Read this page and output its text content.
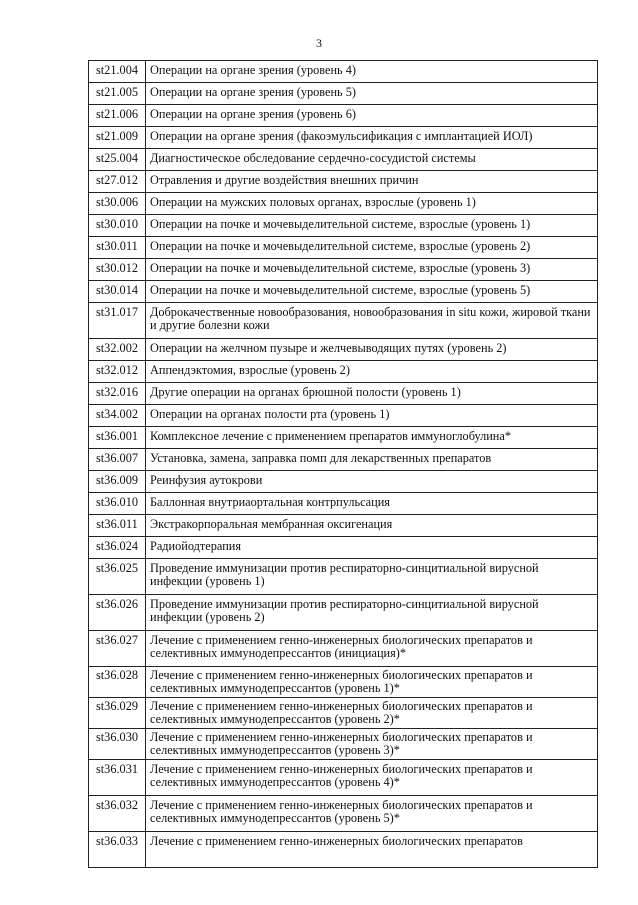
3
st21.004	Операции на органе зрения (уровень 4)
st21.005	Операции на органе зрения (уровень 5)
st21.006	Операции на органе зрения (уровень 6)
st21.009	Операции на органе зрения (факоэмульсификация с имплантацией ИОЛ)
st25.004	Диагностическое обследование сердечно-сосудистой системы
st27.012	Отравления и другие воздействия внешних причин
st30.006	Операции на мужских половых органах, взрослые (уровень 1)
st30.010	Операции на почке и мочевыделительной системе, взрослые (уровень 1)
st30.011	Операции на почке и мочевыделительной системе, взрослые (уровень 2)
st30.012	Операции на почке и мочевыделительной системе, взрослые (уровень 3)
st30.014	Операции на почке и мочевыделительной системе, взрослые (уровень 5)
st31.017	Доброкачественные новообразования, новообразования in situ кожи, жировой ткани и другие болезни кожи
st32.002	Операции на желчном пузыре и желчевыводящих путях (уровень 2)
st32.012	Аппендэктомия, взрослые (уровень 2)
st32.016	Другие операции на органах брюшной полости (уровень 1)
st34.002	Операции на органах полости рта (уровень 1)
st36.001	Комплексное лечение с применением препаратов иммуноглобулина*
st36.007	Установка, замена, заправка помп для лекарственных препаратов
st36.009	Реинфузия аутокрови
st36.010	Баллонная внутриаортальная контрпульсация
st36.011	Экстракорпоральная мембранная оксигенация
st36.024	Радиойодтерапия
st36.025	Проведение иммунизации против респираторно-синцитиальной вирусной инфекции (уровень 1)
st36.026	Проведение иммунизации против респираторно-синцитиальной вирусной инфекции (уровень 2)
st36.027	Лечение с применением генно-инженерных биологических препаратов и селективных иммунодепрессантов (инициация)*
st36.028	Лечение с применением генно-инженерных биологических препаратов и селективных иммунодепрессантов (уровень 1)*
st36.029	Лечение с применением генно-инженерных биологических препаратов и селективных иммунодепрессантов (уровень 2)*
st36.030	Лечение с применением генно-инженерных биологических препаратов и селективных иммунодепрессантов (уровень 3)*
st36.031	Лечение с применением генно-инженерных биологических препаратов и селективных иммунодепрессантов (уровень 4)*
st36.032	Лечение с применением генно-инженерных биологических препаратов и селективных иммунодепрессантов (уровень 5)*
st36.033	Лечение с применением генно-инженерных биологических препаратов
